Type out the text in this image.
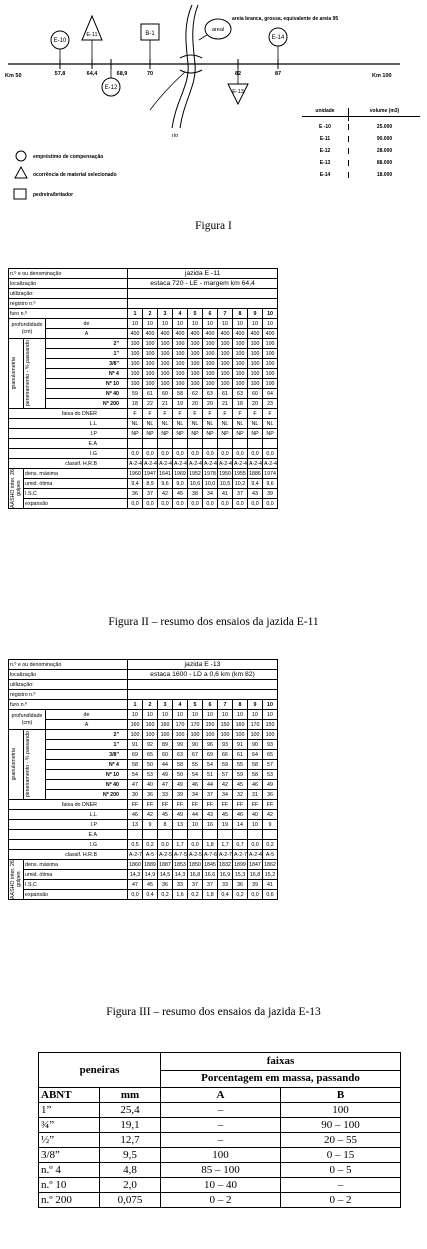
E-10
E-11
E-12
B-1
areal
E-13
E-14
areia branca, grossa, equivalente de areia 95
Km 50	Km 100
57,8	64,4	68,9	70	82	87
rio
empréstimo de compensação
ocorrência de material selecionado
pedreira/britador
unidade	volume (m3)
E -10	25.000
E-11	90.000
E-12	28.000
E-13	88.000
E-14	18.000
Figura I
n.º e ou denominação			jazida E -11									
localização			estaca 720 - LE - margem km 64,4									
utilização:												
registro n.º												
furo n.º			1	2	3	4	5	6	7	8	9	10
profundidade (cm)		de	10	10	10	10	10	10	10	10	10	10
		A	400	400	400	400	400	400	400	400	400	400

granulometria	peneiramento - % passando	2"	100	100	100	100	100	100	100	100	100	100
		1"	100	100	100	100	100	100	100	100	100	100
		3/8"	100	100	100	100	100	100	100	100	100	100
		Nº 4	100	100	100	100	100	100	100	100	100	100
		Nº 10	100	100	100	100	100	100	100	100	100	100
		Nº 40	59	61	60	58	62	63	61	63	60	64
		Nº 200	18	22	21	19	20	20	21	18	20	23
faixa do DNER			F	F	F	F	F	F	F	F	F	F
L.L			NL	NL	NL	NL	NL	NL	NL	NL	NL	NL
I.P			NP	NP	NP	NP	NP	NP	NP	NP	NP	NP
E.A												
I.G			0,0	0,0	0,0	0,0	0,0	0,0	0,0	0,0	0,0	0,0
classif. H.R.B			A-2-4	A-2-4	A-2-4	A-2-4	A-2-4	A-2-4	A-2-4	A-2-4	A-2-4	A-2-4

AASHO inter. 26 golpes	dens. máxima		1960	1947	1641	1969	1952	1978	1950	1955	1886	1974
	umid. ótima		9,4	8,9	9,6	9,0	10,6	10,0	10,5	10,2	9,4	9,6
	I.S.C		36	37	42	45	38	34	41	37	43	39
	expansão		0,0	0,0	0,0	0,0	0,0	0,0	0,0	0,0	0,0	0,0
Figura II – resumo dos ensaios da jazida E-11
n.º e ou denominação			jazida E -13									
localização			estaca 1600 - LD a 0,6 km (km 82)									
utilização:												
registro n.º												
furo n.º			1	2	3	4	5	6	7	8	9	10
profundidade (cm)		de	10	10	10	10	10	10	10	10	10	10
		A	160	160	160	170	170	150	150	160	170	150

granulometria	peneiramento - % passando	2"	100	100	100	100	100	100	100	100	100	100
		1"	91	92	89	99	90	96	93	91	90	93
		3/8"	69	65	60	63	67	69	66	61	64	65
		Nº 4	58	50	44	58	55	54	59	55	58	57
		Nº 10	54	53	49	50	54	51	57	59	58	53
		Nº 40	47	40	47	49	46	44	42	45	46	49
		Nº 200	30	36	33	39	34	37	34	32	31	36
faixa do DNER			FF	FF	FF	FF	FF	FF	FF	FF	FF	FF
L.L			46	42	45	49	44	43	45	46	40	42
I.P			13	9	8	13	10	16	19	14	10	9
E.A												
I.G			0,5	0,2	0,0	1,7	0,0	1,8	1,7	0,7	0,0	0,2
classif. H.R.B			A-2-7	A-5	A-2-5	A-7-5	A-2-5	A-7-6	A-2-7	A-2-7	A-2-4	A-5

AASHO inter. 26 golpes	dens. máxima		1860	1889	1887	1853	1850	1845	1832	1899	1847	1862
	umid. ótima		14,3	14,9	14,5	14,3	16,8	16,6	16,9	15,3	16,8	15,2
	I.S.C		47	45	36	33	37	37	33	36	39	41
	expansão		0,0	0,4	0,2	1,6	0,2	1,8	0,4	0,2	0,0	0,6
Figura III – resumo dos ensaios da jazida E-13
peneiras		faixas	
		Porcentagem em massa, passando	
ABNT	mm	A	B
1”	25,4	–	100
¾”	19,1	–	90 – 100
½”	12,7	–	20 – 55
3/8”	9,5	100	0 – 15
n.º 4	4,8	85 – 100	0 – 5
n.º 10	2,0	10 – 40	–
n.º 200	0,075	0 – 2	0 – 2
